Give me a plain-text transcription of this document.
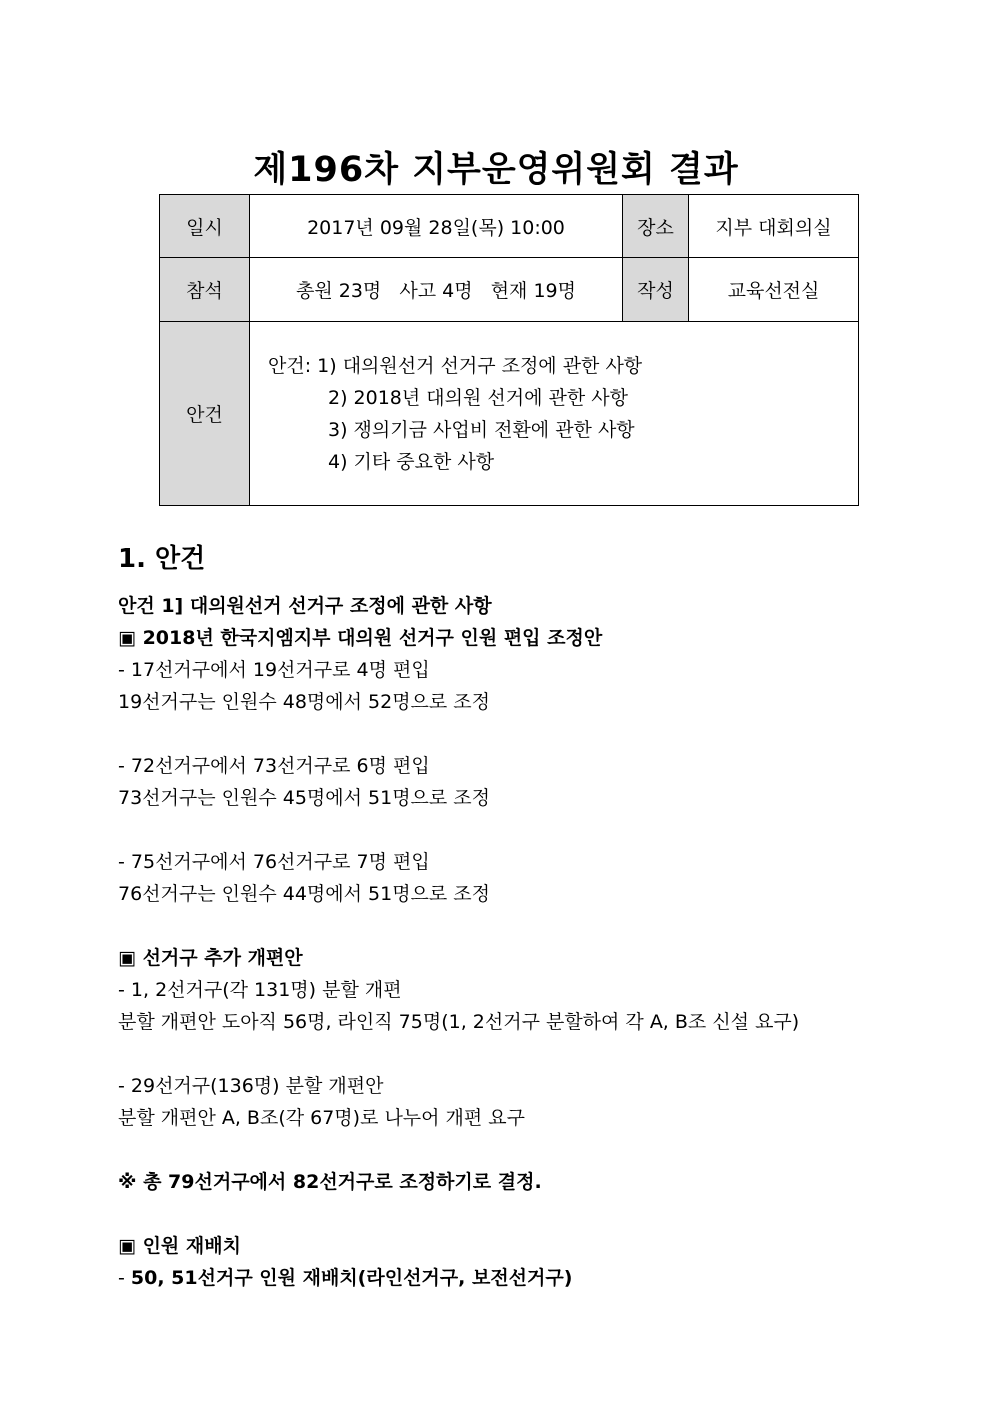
제196차 지부운영위원회 결과
일시	2017년 09월 28일(목) 10:00	장소	지부 대회의실
참석	총원 23명   사고 4명   현재 19명	작성	교육선전실
안건	안건: 1) 대의원선거 선거구 조정에 관한 사항
2) 2018년 대의원 선거에 관한 사항
3) 쟁의기금 사업비 전환에 관한 사항
4) 기타 중요한 사항		
1. 안건
안건 1] 대의원선거 선거구 조정에 관한 사항
▣ 2018년 한국지엠지부 대의원 선거구 인원 편입 조정안
- 17선거구에서 19선거구로 4명 편입
19선거구는 인원수 48명에서 52명으로 조정
- 72선거구에서 73선거구로 6명 편입
73선거구는 인원수 45명에서 51명으로 조정
- 75선거구에서 76선거구로 7명 편입
76선거구는 인원수 44명에서 51명으로 조정
▣ 선거구 추가 개편안
- 1, 2선거구(각 131명) 분할 개편
분할 개편안 도아직 56명, 라인직 75명(1, 2선거구 분할하여 각 A, B조 신설 요구)
- 29선거구(136명) 분할 개편안
분할 개편안 A, B조(각 67명)로 나누어 개편 요구
※ 총 79선거구에서 82선거구로 조정하기로 결정.
▣ 인원 재배치
- 50, 51선거구 인원 재배치(라인선거구, 보전선거구)
